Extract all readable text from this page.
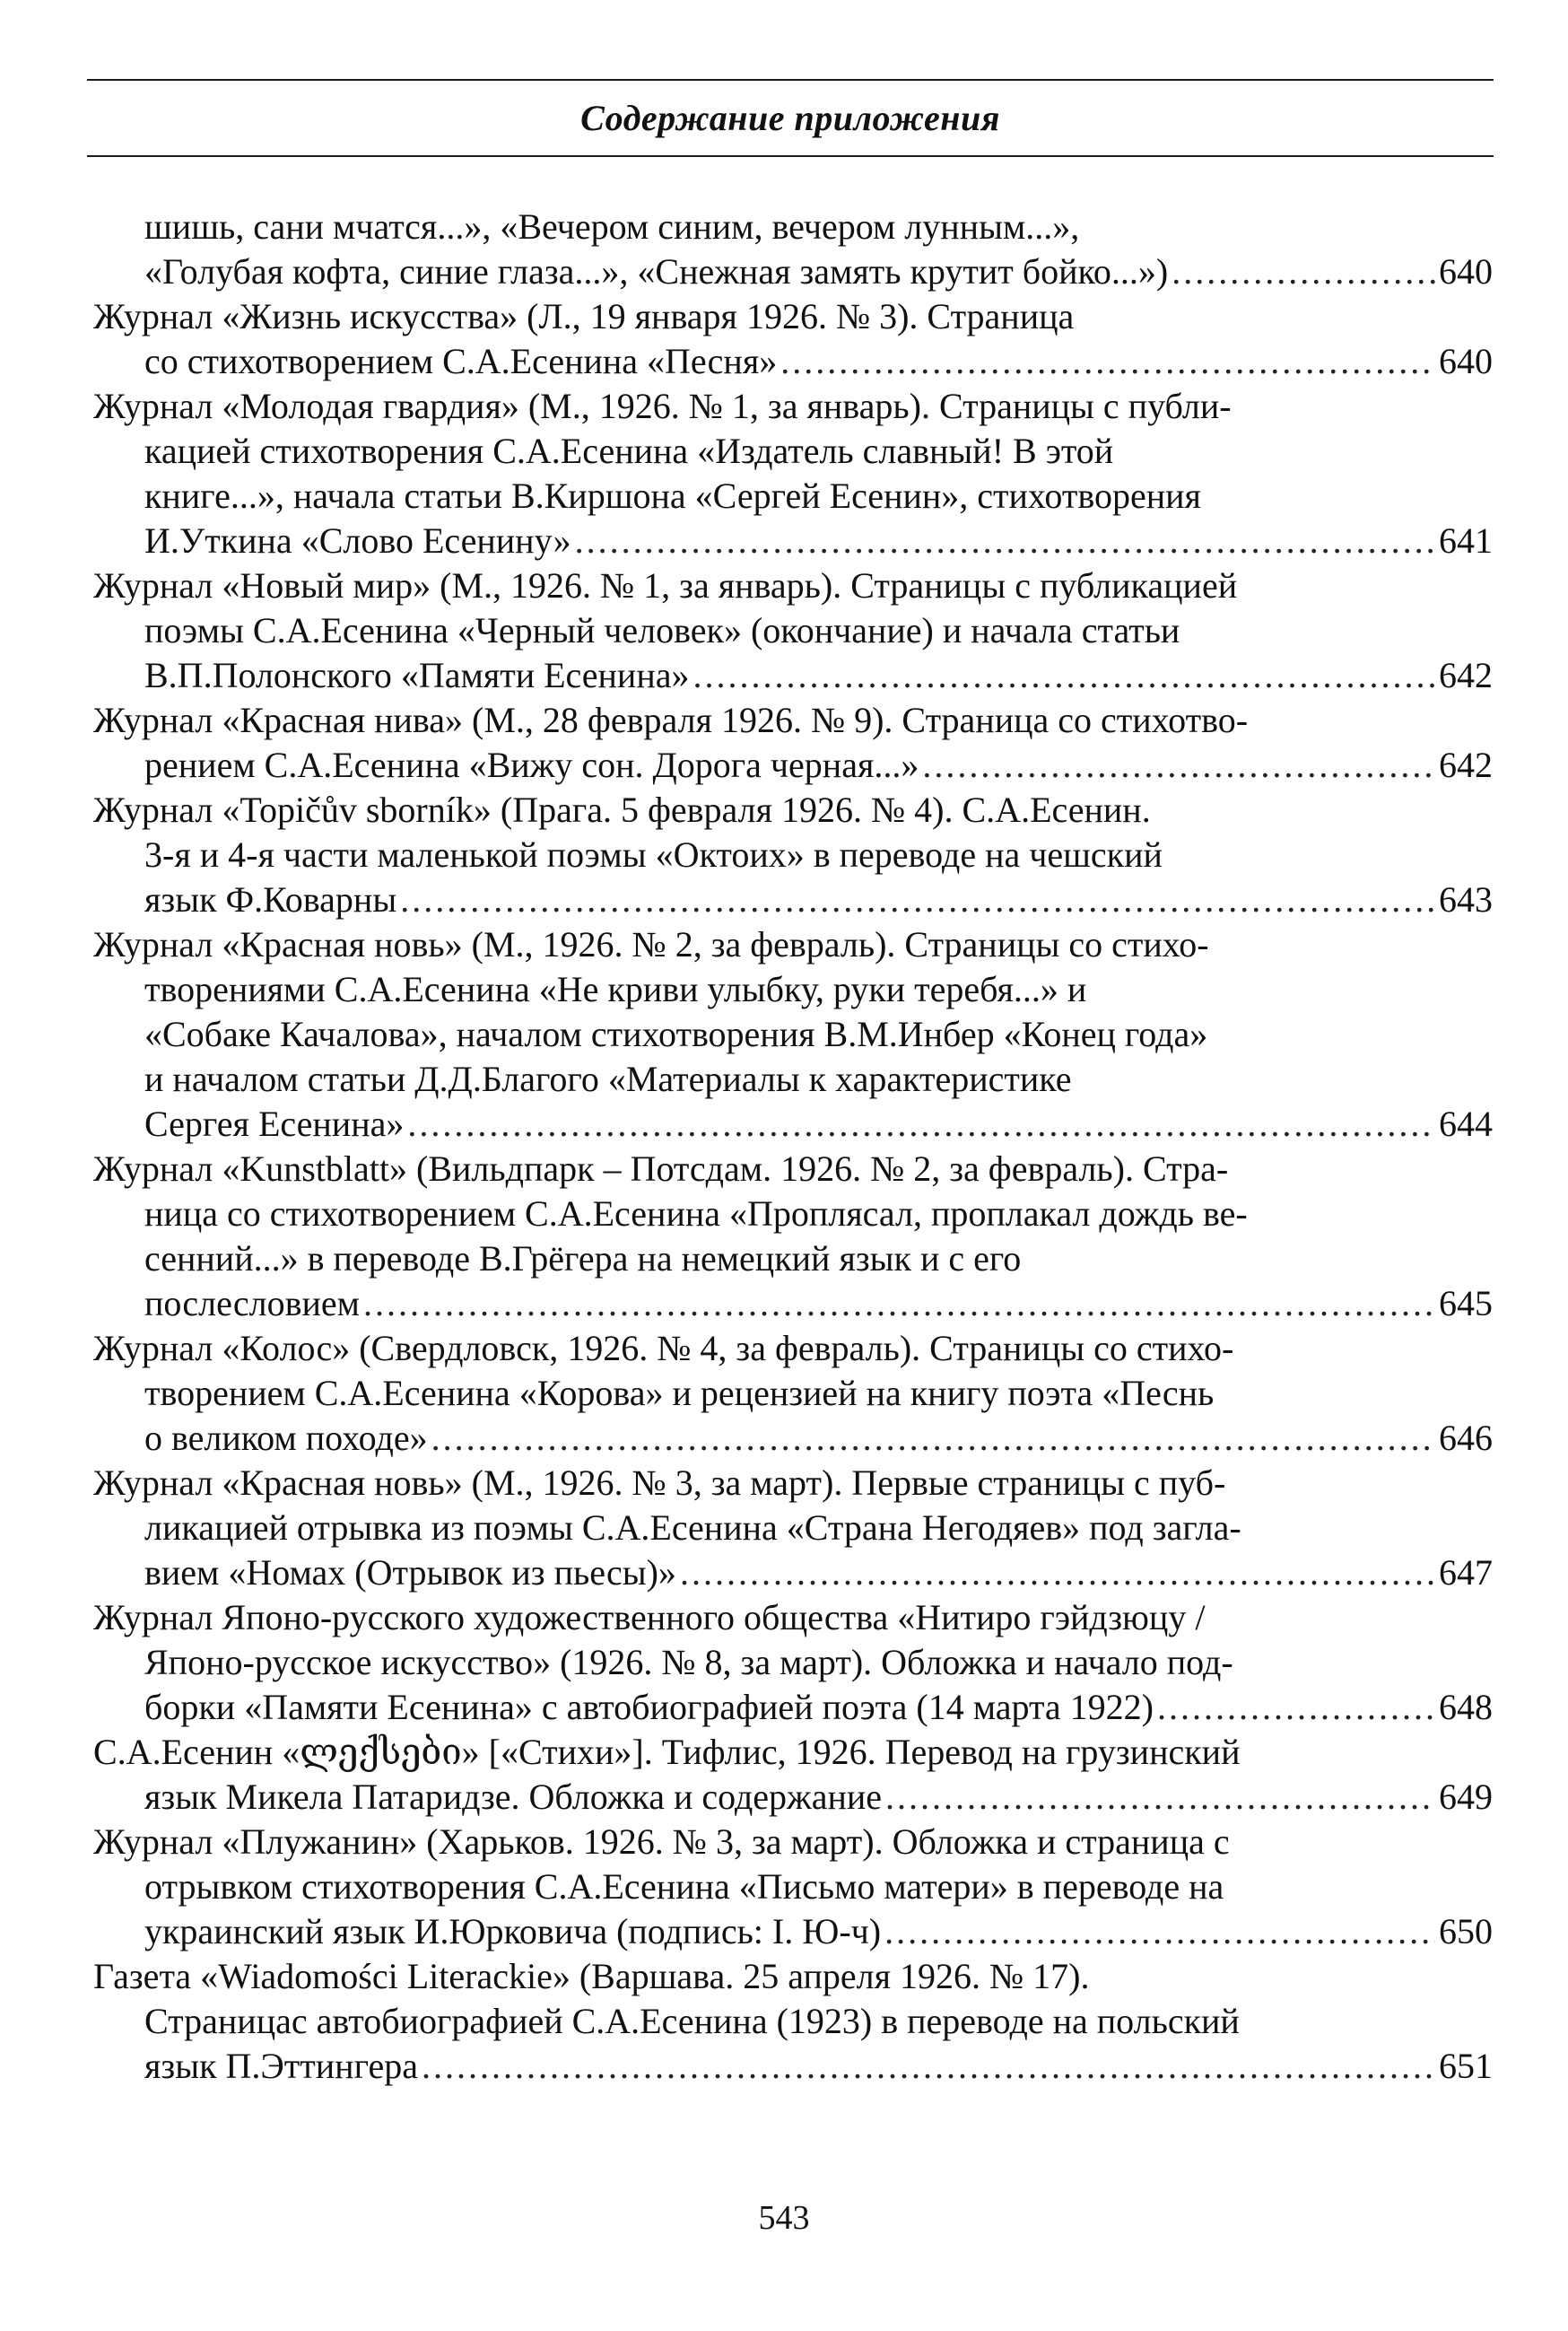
Содержание приложения
шишь, сани мчатся...», «Вечером синим, вечером лунным...»,
«Голубая кофта, синие глаза...», «Снежная замять крутит бойко...») .....	640
Журнал «Жизнь искусства» (Л., 19 января 1926. № 3). Страница
со стихотворением С.А.Есенина «Песня» .....	640
Журнал «Молодая гвардия» (М., 1926. № 1, за январь). Страницы с публи-
кацией стихотворения С.А.Есенина «Издатель славный! В этой
книге...», начала статьи В.Киршона «Сергей Есенин», стихотворения
И.Уткина «Слово Есенину» .....	641
Журнал «Новый мир» (М., 1926. № 1, за январь). Страницы с публикацией
поэмы С.А.Есенина «Черный человек» (окончание) и начала статьи
В.П.Полонского «Памяти Есенина» .....	642
Журнал «Красная нива» (М., 28 февраля 1926. № 9). Страница со стихотво-
рением С.А.Есенина «Вижу сон. Дорога черная...» .....	642
Журнал «Topičův sborník» (Прага. 5 февраля 1926. № 4). С.А.Есенин.
3-я и 4-я части маленькой поэмы «Октоих» в переводе на чешский
язык Ф.Коварны .....	643
Журнал «Красная новь» (М., 1926. № 2, за февраль). Страницы со стихо-
творениями С.А.Есенина «Не криви улыбку, руки теребя...» и
«Собаке Качалова», началом стихотворения В.М.Инбер «Конец года»
и началом статьи Д.Д.Благого «Материалы к характеристике
Сергея Есенина» .....	644
Журнал «Kunstblatt» (Вильдпарк – Потсдам. 1926. № 2, за февраль). Стра-
ница со стихотворением С.А.Есенина «Проплясал, проплакал дождь ве-
сенний...» в переводе В.Грёгера на немецкий язык и с его
послесловием .....	645
Журнал «Колос» (Свердловск, 1926. № 4, за февраль). Страницы со стихо-
творением С.А.Есенина «Корова» и рецензией на книгу поэта «Песнь
о великом походе» .....	646
Журнал «Красная новь» (М., 1926. № 3, за март). Первые страницы с пуб-
ликацией отрывка из поэмы С.А.Есенина «Страна Негодяев» под загла-
вием «Номах (Отрывок из пьесы)» .....	647
Журнал Японо-русского художественного общества «Нитиро гэйдзюцу /
Японо-русское искусство» (1926. № 8, за март). Обложка и начало под-
борки «Памяти Есенина» с автобиографией поэта (14 марта 1922) .....	648
С.А.Есенин «ლექსები» [«Стихи»]. Тифлис, 1926. Перевод на грузинский
язык Микела Патаридзе. Обложка и содержание .....	649
Журнал «Плужанин» (Харьков. 1926. № 3, за март). Обложка и страница с
отрывком стихотворения С.А.Есенина «Письмо матери» в переводе на
украинский язык И.Юрковича (подпись: І. Ю-ч) .....	650
Газета «Wiadomości Literackie» (Варшава. 25 апреля 1926. № 17).
Страницас автобиографией С.А.Есенина (1923) в переводе на польский
язык П.Эттингера .....	651
543
